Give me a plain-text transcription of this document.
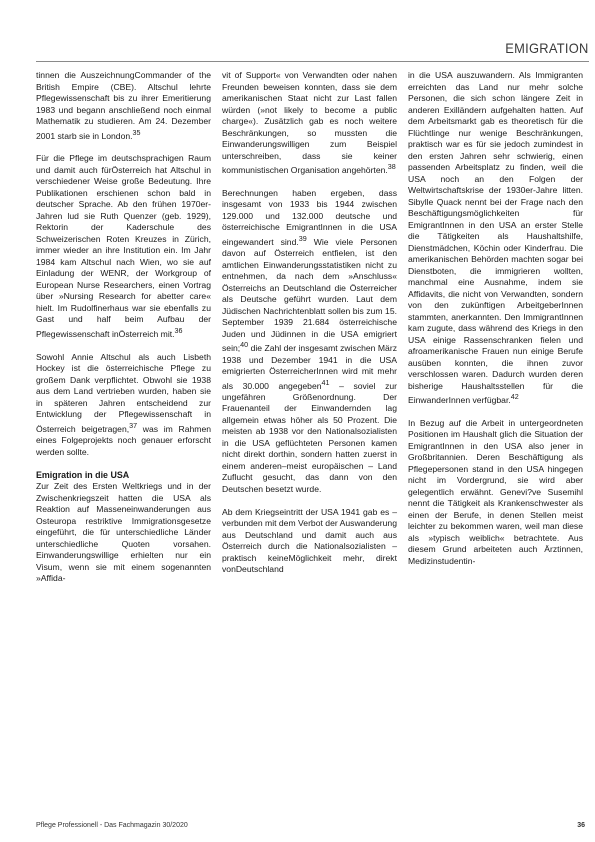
EMIGRATION

tinnen die AuszeichnungCommander of the British Empire (CBE). Altschul lehrte Pflegewissenschaft bis zu ihrer Emeritierung 1983 und begann anschließend noch einmal Mathematik zu studieren. Am 24. Dezember 2001 starb sie in London.$^{35}$

Für die Pflege im deutschsprachigen Raum und damit auch fürÖsterreich hat Altschul in verschiedener Weise große Bedeutung. Ihre Publikationen erschienen schon bald in deutscher Sprache. Ab den frühen 1970er-Jahren lud sie Ruth Quenzer (geb. 1929), Rektorin der Kaderschule des Schweizerischen Roten Kreuzes in Zürich, immer wieder an ihre Institution ein. Im Jahr 1984 kam Altschul nach Wien, wo sie auf Einladung der WENR, der Workgroup of European Nurse Researchers, einen Vortrag über »Nursing Research for abetter care« hielt. Im Rudolfinerhaus war sie ebenfalls zu Gast und half beim Aufbau der Pflegewissenschaft inÖsterreich mit.$^{36}$

Sowohl Annie Altschul als auch Lisbeth Hockey ist die österreichische Pflege zu großem Dank verpflichtet. Obwohl sie 1938 aus dem Land vertrieben wurden, haben sie in späteren Jahren entscheidend zur Entwicklung der Pflegewissenschaft in Österreich beigetragen,$^{37}$ was im Rahmen eines Folgeprojekts noch genauer erforscht werden sollte.

Emigration in die USA

Zur Zeit des Ersten Weltkriegs und in der Zwischenkriegszeit hatten die USA als Reaktion auf Masseneinwanderungen aus Osteuropa restriktive Immigrationsgesetze eingeführt, die für unterschiedliche Länder unterschiedliche Quoten vorsahen. Einwanderungswillige erhielten nur ein Visum, wenn sie mit einem sogenannten »Affida-

vit of Support« von Verwandten oder nahen Freunden beweisen konnten, dass sie dem amerikanischen Staat nicht zur Last fallen würden (»not likely to become a public charge«). Zusätzlich gab es noch weitere Beschränkungen, so mussten die Einwanderungswilligen zum Beispiel unterschreiben, dass sie keiner kommunistischen Organisation angehörten.$^{38}$

Berechnungen haben ergeben, dass insgesamt von 1933 bis 1944 zwischen 129.000 und 132.000 deutsche und österreichische EmigrantInnen in die USA eingewandert sind.$^{39}$ Wie viele Personen davon auf Österreich entfielen, ist den amtlichen Einwanderungsstatistiken nicht zu entnehmen, da nach dem »Anschluss« Österreichs an Deutschland die Österreicher als Deutsche geführt wurden. Laut dem Jüdischen Nachrichtenblatt sollen bis zum 15. September 1939 21.684 österreichische Juden und Jüdinnen in die USA emigriert sein;$^{40}$ die Zahl der insgesamt zwischen März 1938 und Dezember 1941 in die USA emigrierten ÖsterreicherInnen wird mit mehr als 30.000 angegeben$^{41}$ – soviel zur ungefähren Größenordnung. Der Frauenanteil der Einwandernden lag allgemein etwas höher als 50 Prozent. Die meisten ab 1938 vor den Nationalsozialisten in die USA geflüchteten Personen kamen nicht direkt dorthin, sondern hatten zuerst in einem anderen–meist europäischen – Land Zuflucht gesucht, das dann von den Deutschen besetzt wurde.

Ab dem Kriegseintritt der USA 1941 gab es – verbunden mit dem Verbot der Auswanderung aus Deutschland und damit auch aus Österreich durch die Nationalsozialisten – praktisch keineMöglichkeit mehr, direkt vonDeutschland

in die USA auszuwandern. Als Immigranten erreichten das Land nur mehr solche Personen, die sich schon längere Zeit in anderen Exilländern aufgehalten hatten. Auf dem Arbeitsmarkt gab es theoretisch für die Flüchtlinge nur wenige Beschränkungen, praktisch war es für sie jedoch zumindest in den ersten Jahren sehr schwierig, einen passenden Arbeitsplatz zu finden, weil die USA noch an den Folgen der Weltwirtschaftskrise der 1930er-Jahre litten. Sibylle Quack nennt bei der Frage nach den Beschäftigungsmöglichkeiten für EmigrantInnen in den USA an erster Stelle die Tätigkeiten als Haushaltshilfe, Dienstmädchen, Köchin oder Kinderfrau. Die amerikanischen Behörden machten sogar bei Dienstboten, die immigrieren wollten, manchmal eine Ausnahme, indem sie Affidavits, die nicht von Verwandten, sondern von den zukünftigen ArbeitgeberInnen stammten, anerkannten. Den ImmigrantInnen kam zugute, dass während des Kriegs in den USA einige Rassenschranken fielen und afroamerikanische Frauen nun einige Berufe ausüben konnten, die ihnen zuvor verschlossen waren. Dadurch wurden deren bisherige Haushaltsstellen für die EinwanderInnen verfügbar.$^{42}$

In Bezug auf die Arbeit in untergeordneten Positionen im Haushalt glich die Situation der EmigrantInnen in den USA also jener in Großbritannien. Deren Beschäftigung als Pflegepersonen stand in den USA hingegen nicht im Vordergrund, sie wird aber gelegentlich erwähnt. Genevi?ve Susemihl nennt die Tätigkeit als Krankenschwester als einen der Berufe, in denen Stellen meist leichter zu bekommen waren, weil man diese als »typisch weiblich« betrachtete. Aus diesem Grund arbeiteten auch Ärztinnen, Medizinstudentin-

Pflege Professionell - Das Fachmagazin 30/2020	36
